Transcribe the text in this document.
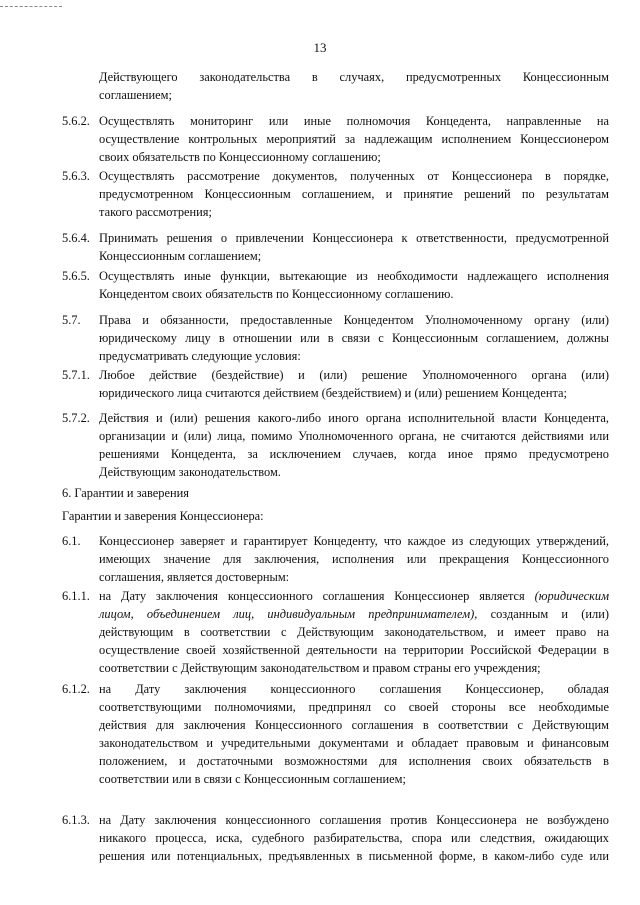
13
Действующего законодательства в случаях, предусмотренных Концессионным
соглашением;
5.6.2. Осуществлять мониторинг или иные полномочия Концедента, направленные на
осуществление контрольных мероприятий за надлежащим исполнением Концессионером
своих обязательств по Концессионному соглашению;
5.6.3. Осуществлять рассмотрение документов, полученных от Концессионера в порядке,
предусмотренном Концессионным соглашением, и принятие решений по результатам
такого рассмотрения;
5.6.4. Принимать решения о привлечении Концессионера к ответственности, предусмотренной
Концессионным соглашением;
5.6.5. Осуществлять иные функции, вытекающие из необходимости надлежащего исполнения
Концедентом своих обязательств по Концессионному соглашению.
5.7. Права и обязанности, предоставленные Концедентом Уполномоченному органу (или)
юридическому лицу в отношении или в связи с Концессионным соглашением, должны
предусматривать следующие условия:
5.7.1. Любое действие (бездействие) и (или) решение Уполномоченного органа (или)
юридического лица считаются действием (бездействием) и (или) решением Концедента;
5.7.2. Действия и (или) решения какого-либо иного органа исполнительной власти Концедента,
организации и (или) лица, помимо Уполномоченного органа, не считаются действиями или
решениями Концедента, за исключением случаев, когда иное прямо предусмотрено
Действующим законодательством.
6. Гарантии и заверения
Гарантии и заверения Концессионера:
6.1. Концессионер заверяет и гарантирует Концеденту, что каждое из следующих утверждений,
имеющих значение для заключения, исполнения или прекращения Концессионного
соглашения, является достоверным:
6.1.1. на Дату заключения концессионного соглашения Концессионер является (юридическим
лицом, объединением лиц, индивидуальным предпринимателем), созданным и (или)
действующим в соответствии с Действующим законодательством, и имеет право на
осуществление своей хозяйственной деятельности на территории Российской Федерации в
соответствии с Действующим законодательством и правом страны его учреждения;
6.1.2. на Дату заключения концессионного соглашения Концессионер, обладая
соответствующими полномочиями, предпринял со своей стороны все необходимые
действия для заключения Концессионного соглашения в соответствии с Действующим
законодательством и учредительными документами и обладает правовым и финансовым
положением, и достаточными возможностями для исполнения своих обязательств в
соответствии или в связи с Концессионным соглашением;
6.1.3. на Дату заключения концессионного соглашения против Концессионера не возбуждено
никакого процесса, иска, судебного разбирательства, спора или следствия, ожидающих
решения или потенциальных, предъявленных в письменной форме, в каком-либо суде или
